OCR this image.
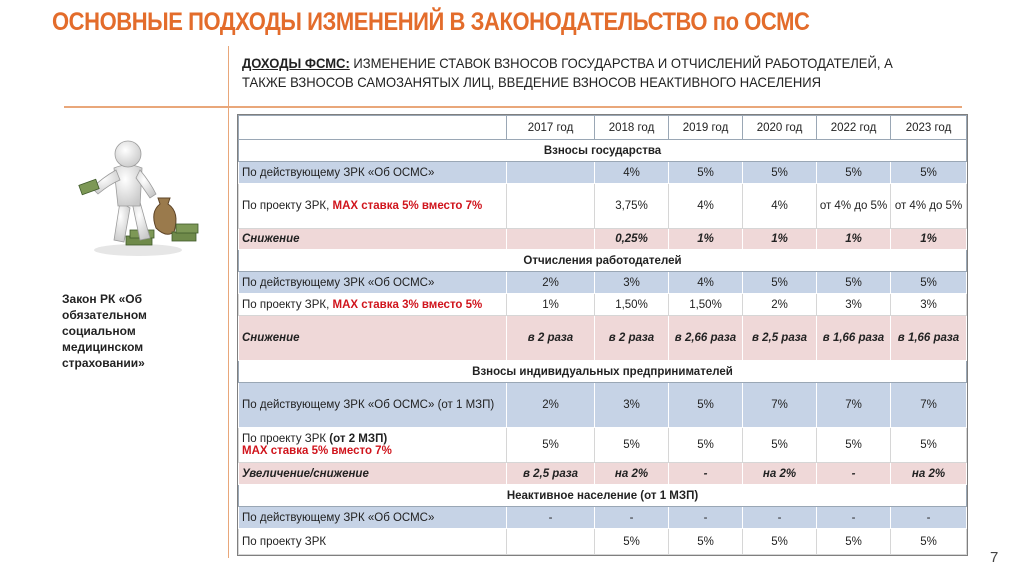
ОСНОВНЫЕ ПОДХОДЫ ИЗМЕНЕНИЙ В ЗАКОНОДАТЕЛЬСТВО по ОСМС
ДОХОДЫ ФСМС: ИЗМЕНЕНИЕ СТАВОК ВЗНОСОВ ГОСУДАРСТВА И ОТЧИСЛЕНИЙ РАБОТОДАТЕЛЕЙ, А ТАКЖЕ ВЗНОСОВ САМОЗАНЯТЫХ ЛИЦ, ВВЕДЕНИЕ ВЗНОСОВ НЕАКТИВНОГО НАСЕЛЕНИЯ
Закон РК «Об обязательном социальном медицинском страховании»
	2017 год	2018 год	2019 год	2020 год	2022 год	2023 год
Взносы государства						
По действующему ЗРК «Об ОСМС»		4%	5%	5%	5%	5%
По проекту ЗРК, МАХ ставка 5% вместо 7%		3,75%	4%	4%	от 4% до 5%	от 4% до 5%
Снижение		0,25%	1%	1%	1%	1%
Отчисления работодателей						
По действующему ЗРК «Об ОСМС»	2%	3%	4%	5%	5%	5%
По проекту ЗРК, МАХ ставка 3% вместо 5%	1%	1,50%	1,50%	2%	3%	3%
Снижение	в 2 раза	в 2 раза	в 2,66 раза	в 2,5 раза	в 1,66 раза	в 1,66 раза
Взносы индивидуальных предпринимателей						
По действующему ЗРК «Об ОСМС» (от 1 МЗП)	2%	3%	5%	7%	7%	7%
По проекту ЗРК (от 2 МЗП)
МАХ ставка 5% вместо 7%	5%	5%	5%	5%	5%	5%
Увеличение/снижение	в 2,5 раза	на 2%	-	на 2%	-	на 2%
Неактивное население (от 1 МЗП)						
По действующему ЗРК «Об ОСМС»	-	-	-	-	-	-
По проекту ЗРК		5%	5%	5%	5%	5%
7
